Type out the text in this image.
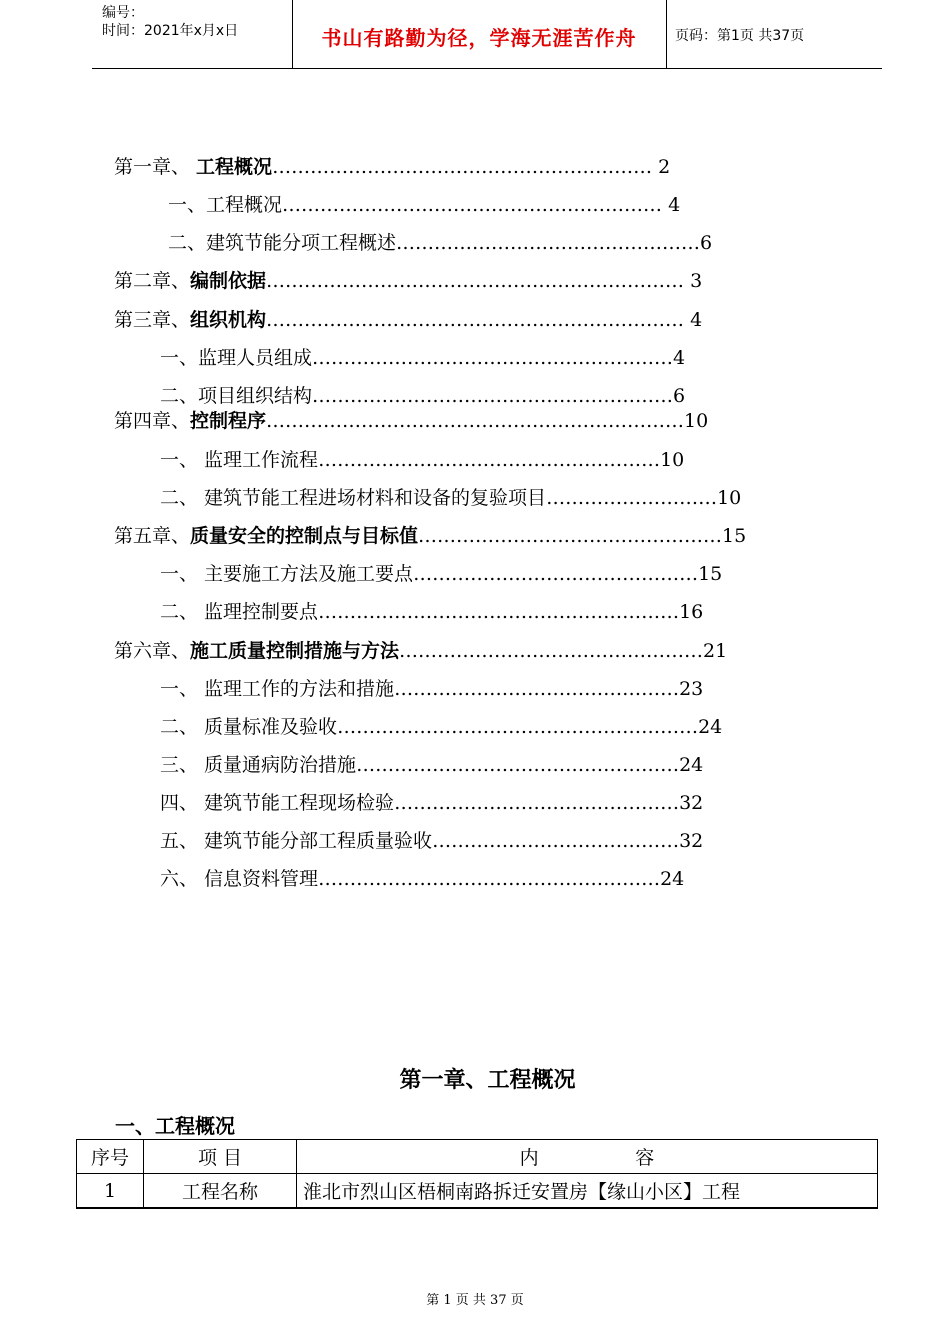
编号：
时间：2021年x月x日	书山有路勤为径，学海无涯苦作舟	页码：第1页 共37页
第一章、 工程概况…………………………………………………… 2
一、工程概况…………………………………………………… 4
二、建筑节能分项工程概述…………………………………………6
第二章、编制依据………………………………………………………… 3
第三章、组织机构………………………………………………………… 4
一、监理人员组成…………………………………………………4
二、项目组织结构…………………………………………………6
第四章、控制程序…………………………………………………………10
一、 监理工作流程………………………………………………10
二、 建筑节能工程进场材料和设备的复验项目………………………10
第五章、质量安全的控制点与目标值…………………………………………15
一、 主要施工方法及施工要点………………………………………15
二、 监理控制要点…………………………………………………16
第六章、施工质量控制措施与方法…………………………………………21
一、 监理工作的方法和措施………………………………………23
二、 质量标准及验收…………………………………………………24
三、 质量通病防治措施……………………………………………24
四、 建筑节能工程现场检验………………………………………32
五、 建筑节能分部工程质量验收…………………………………32
六、 信息资料管理………………………………………………24
第一章、工程概况
一、工程概况
序号	项 目	内                容
1	工程名称	淮北市烈山区梧桐南路拆迁安置房【缘山小区】工程
第 1 页 共 37 页
